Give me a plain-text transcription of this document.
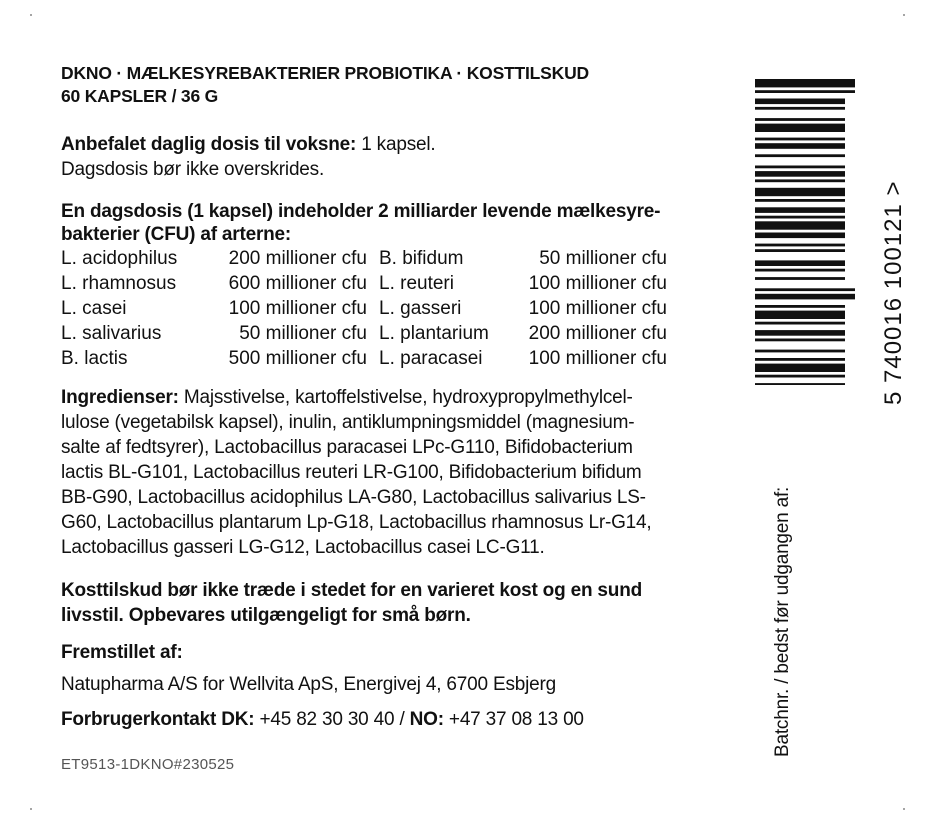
DKNO · MÆLKESYREBAKTERIER PROBIOTIKA · KOSTTILSKUD
60 KAPSLER / 36 G
Anbefalet daglig dosis til voksne: 1 kapsel.
Dagsdosis bør ikke overskrides.
En dagsdosis (1 kapsel) indeholder 2 milliarder levende mælkesyre-
bakterier (CFU) af arterne:
L. acidophilus	200 millioner cfu B. bifidum	50 millioner cfu
L. rhamnosus	600 millioner cfu L. reuteri	100 millioner cfu
L. casei	100 millioner cfu L. gasseri	100 millioner cfu
L. salivarius	50 millioner cfu L. plantarium	200 millioner cfu
B. lactis	500 millioner cfu L. paracasei	100 millioner cfu
Ingredienser: Majsstivelse, kartoffelstivelse, hydroxypropylmethylcel-
lulose (vegetabilsk kapsel), inulin, antiklumpningsmiddel (magnesium-
salte af fedtsyrer), Lactobacillus paracasei LPc-G110, Bifidobacterium
lactis BL-G101, Lactobacillus reuteri LR-G100, Bifidobacterium bifidum
BB-G90, Lactobacillus acidophilus LA-G80, Lactobacillus salivarius LS-
G60, Lactobacillus plantarum Lp-G18, Lactobacillus rhamnosus Lr-G14,
Lactobacillus gasseri LG-G12, Lactobacillus casei LC-G11.
Kosttilskud bør ikke træde i stedet for en varieret kost og en sund
livsstil. Opbevares utilgængeligt for små børn.
Fremstillet af:
Natupharma A/S for Wellvita ApS, Energivej 4, 6700 Esbjerg
Forbrugerkontakt DK: +45 82 30 30 40 / NO: +47 37 08 13 00
ET9513-1DKNO#230525
5 740016 100121 >
Batchnr. / bedst før udgangen af:
